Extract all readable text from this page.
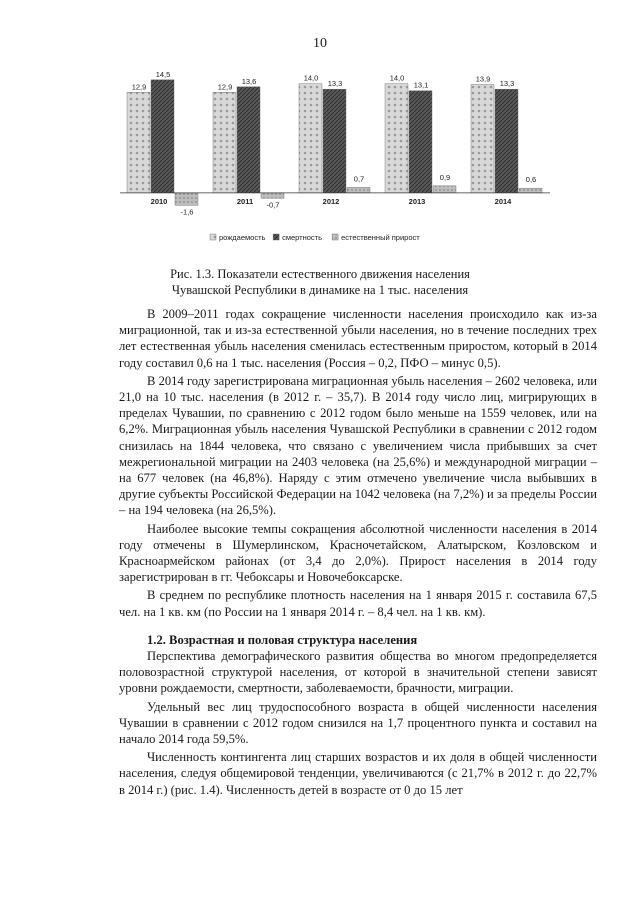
10
12,9
14,5
-1,6
2010
12,9
13,6
-0,7
2011
14,0
13,3
0,7
2012
14,0
13,1
0,9
2013
13,9
13,3
0,6
2014
рождаемость смертность	естественный прирост
Рис. 1.3. Показатели естественного движения населения
Чувашской Республики в динамике на 1 тыс. населения

В 2009–2011 годах сокращение численности населения происходило как из-за миграционной, так и из-за естественной убыли населения, но в течение последних трех лет естественная убыль населения сменилась естественным приростом, который в 2014 году составил 0,6 на 1 тыс. населения (Россия – 0,2, ПФО – минус 0,5).

В 2014 году зарегистрирована миграционная убыль населения – 2602 человека, или 21,0 на 10 тыс. населения (в 2012 г. – 35,7). В 2014 году число лиц, мигрирующих в пределах Чувашии, по сравнению с 2012 годом было меньше на 1559 человек, или на 6,2%. Миграционная убыль населения Чувашской Республики в сравнении с 2012 годом снизилась на 1844 человека, что связано с увеличением числа прибывших за счет межрегиональной миграции на 2403 человека (на 25,6%) и международной миграции – на 677 человек (на 46,8%). Наряду с этим отмечено увеличение числа выбывших в другие субъекты Российской Федерации на 1042 человека (на 7,2%) и за пределы России – на 194 человека (на 26,5%).

Наиболее высокие темпы сокращения абсолютной численности населения в 2014 году отмечены в Шумерлинском, Красночетайском, Алатырском, Козловском и Красноармейском районах (от 3,4 до 2,0%). Прирост населения в 2014 году зарегистрирован в гг. Чебоксары и Новочебоксарске.

В среднем по республике плотность населения на 1 января 2015 г. составила 67,5 чел. на 1 кв. км (по России на 1 января 2014 г. – 8,4 чел. на 1 кв. км).

1.2. Возрастная и половая структура населения

Перспектива демографического развития общества во многом предопределяется половозрастной структурой населения, от которой в значительной степени зависят уровни рождаемости, смертности, заболеваемости, брачности, миграции.

Удельный вес лиц трудоспособного возраста в общей численности населения Чувашии в сравнении с 2012 годом снизился на 1,7 процентного пункта и составил на начало 2014 года 59,5%.

Численность контингента лиц старших возрастов и их доля в общей численности населения, следуя общемировой тенденции, увеличиваются (с 21,7% в 2012 г. до 22,7% в 2014 г.) (рис. 1.4). Численность детей в возрасте от 0 до 15 лет
